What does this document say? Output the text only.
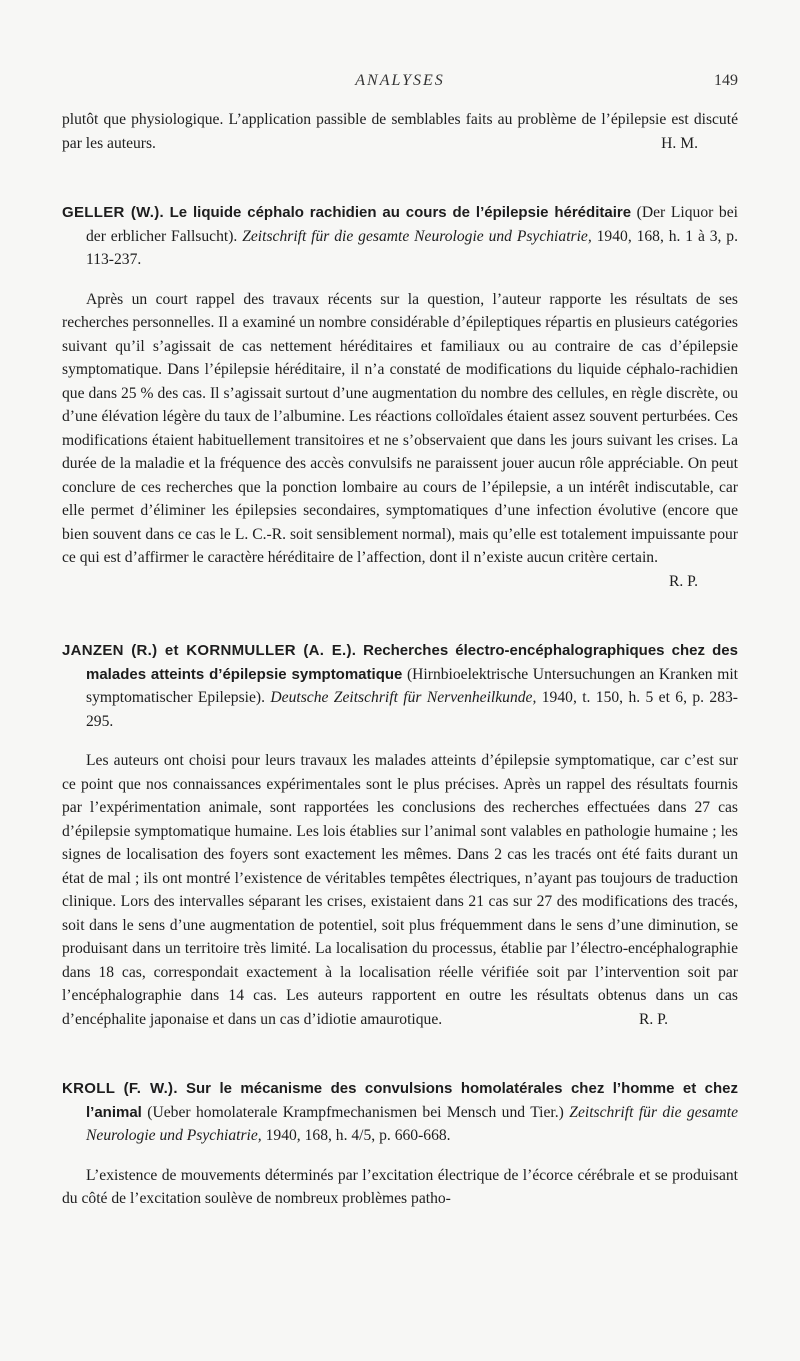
ANALYSES	149

plutôt que physiologique. L’application passible de semblables faits au problème de l’épilepsie est discuté par les auteurs.	H. M.

GELLER (W.). Le liquide céphalo rachidien au cours de l’épilepsie héréditaire (Der Liquor bei der erblicher Fallsucht). Zeitschrift für die gesamte Neurologie und Psychiatrie, 1940, 168, h. 1 à 3, p. 113-237.

Après un court rappel des travaux récents sur la question, l’auteur rapporte les résultats de ses recherches personnelles. Il a examiné un nombre considérable d’épileptiques répartis en plusieurs catégories suivant qu’il s’agissait de cas nettement héréditaires et familiaux ou au contraire de cas d’épilepsie symptomatique. Dans l’épilepsie héréditaire, il n’a constaté de modifications du liquide céphalo-rachidien que dans 25 % des cas. Il s’agissait surtout d’une augmentation du nombre des cellules, en règle discrète, ou d’une élévation légère du taux de l’albumine. Les réactions colloïdales étaient assez souvent perturbées. Ces modifications étaient habituellement transitoires et ne s’observaient que dans les jours suivant les crises. La durée de la maladie et la fréquence des accès convulsifs ne paraissent jouer aucun rôle appréciable. On peut conclure de ces recherches que la ponction lombaire au cours de l’épilepsie, a un intérêt indiscutable, car elle permet d’éliminer les épilepsies secondaires, symptomatiques d’une infection évolutive (encore que bien souvent dans ce cas le L. C.-R. soit sensiblement normal), mais qu’elle est totalement impuissante pour ce qui est d’affirmer le caractère héréditaire de l’affection, dont il n’existe aucun critère certain.
R. P.

JANZEN (R.) et KORNMULLER (A. E.). Recherches électro-encéphalographiques chez des malades atteints d’épilepsie symptomatique (Hirnbioelektrische Untersuchungen an Kranken mit symptomatischer Epilepsie). Deutsche Zeitschrift für Nervenheilkunde, 1940, t. 150, h. 5 et 6, p. 283-295.

Les auteurs ont choisi pour leurs travaux les malades atteints d’épilepsie symptomatique, car c’est sur ce point que nos connaissances expérimentales sont le plus précises. Après un rappel des résultats fournis par l’expérimentation animale, sont rapportées les conclusions des recherches effectuées dans 27 cas d’épilepsie symptomatique humaine. Les lois établies sur l’animal sont valables en pathologie humaine ; les signes de localisation des foyers sont exactement les mêmes. Dans 2 cas les tracés ont été faits durant un état de mal ; ils ont montré l’existence de véritables tempêtes électriques, n’ayant pas toujours de traduction clinique. Lors des intervalles séparant les crises, existaient dans 21 cas sur 27 des modifications des tracés, soit dans le sens d’une augmentation de potentiel, soit plus fréquemment dans le sens d’une diminution, se produisant dans un territoire très limité. La localisation du processus, établie par l’électro-encéphalographie dans 18 cas, correspondait exactement à la localisation réelle vérifiée soit par l’intervention soit par l’encéphalographie dans 14 cas. Les auteurs rapportent en outre les résultats obtenus dans un cas d’encéphalite japonaise et dans un cas d’idiotie amaurotique.	R. P.

KROLL (F. W.). Sur le mécanisme des convulsions homolatérales chez l’homme et chez l’animal (Ueber homolaterale Krampfmechanismen bei Mensch und Tier.) Zeitschrift für die gesamte Neurologie und Psychiatrie, 1940, 168, h. 4/5, p. 660-668.

L’existence de mouvements déterminés par l’excitation électrique de l’écorce cérébrale et se produisant du côté de l’excitation soulève de nombreux problèmes patho-
